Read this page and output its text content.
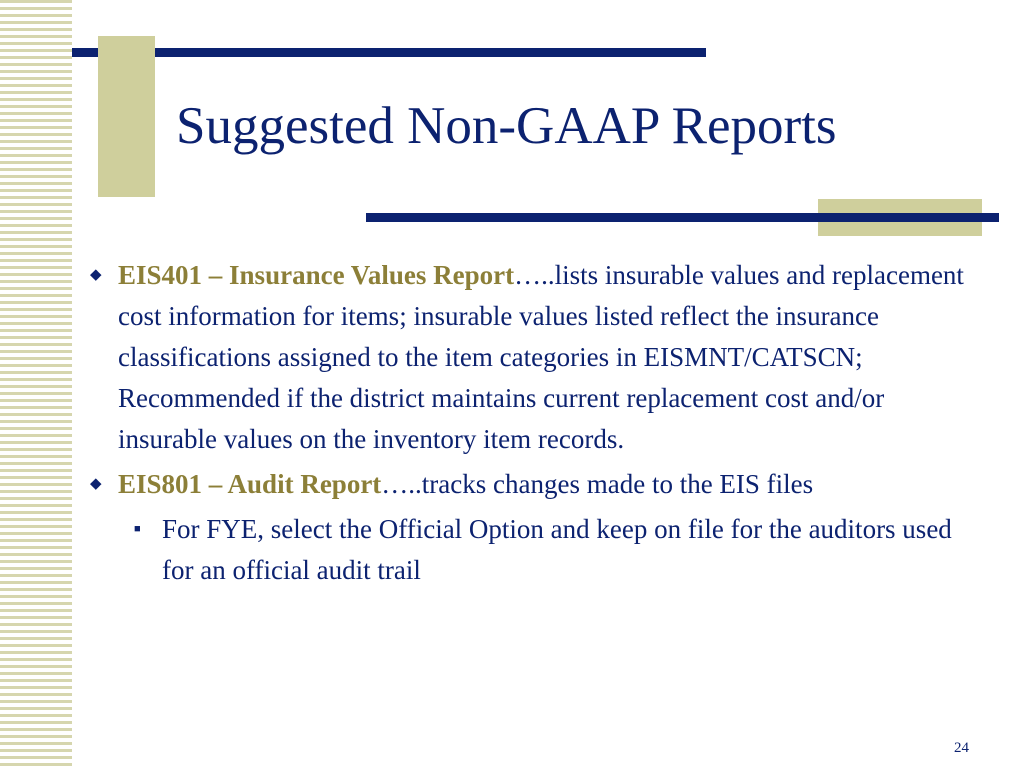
Suggested Non-GAAP Reports
◆ EIS401 – Insurance Values Report…..lists insurable values and replacement cost information for items; insurable values listed reflect the insurance classifications assigned to the item categories in EISMNT/CATSCN; Recommended if the district maintains current replacement cost and/or insurable values on the inventory item records.
◆ EIS801 – Audit Report…..tracks changes made to the EIS files
■ For FYE, select the Official Option and keep on file for the auditors used for an official audit trail
24
